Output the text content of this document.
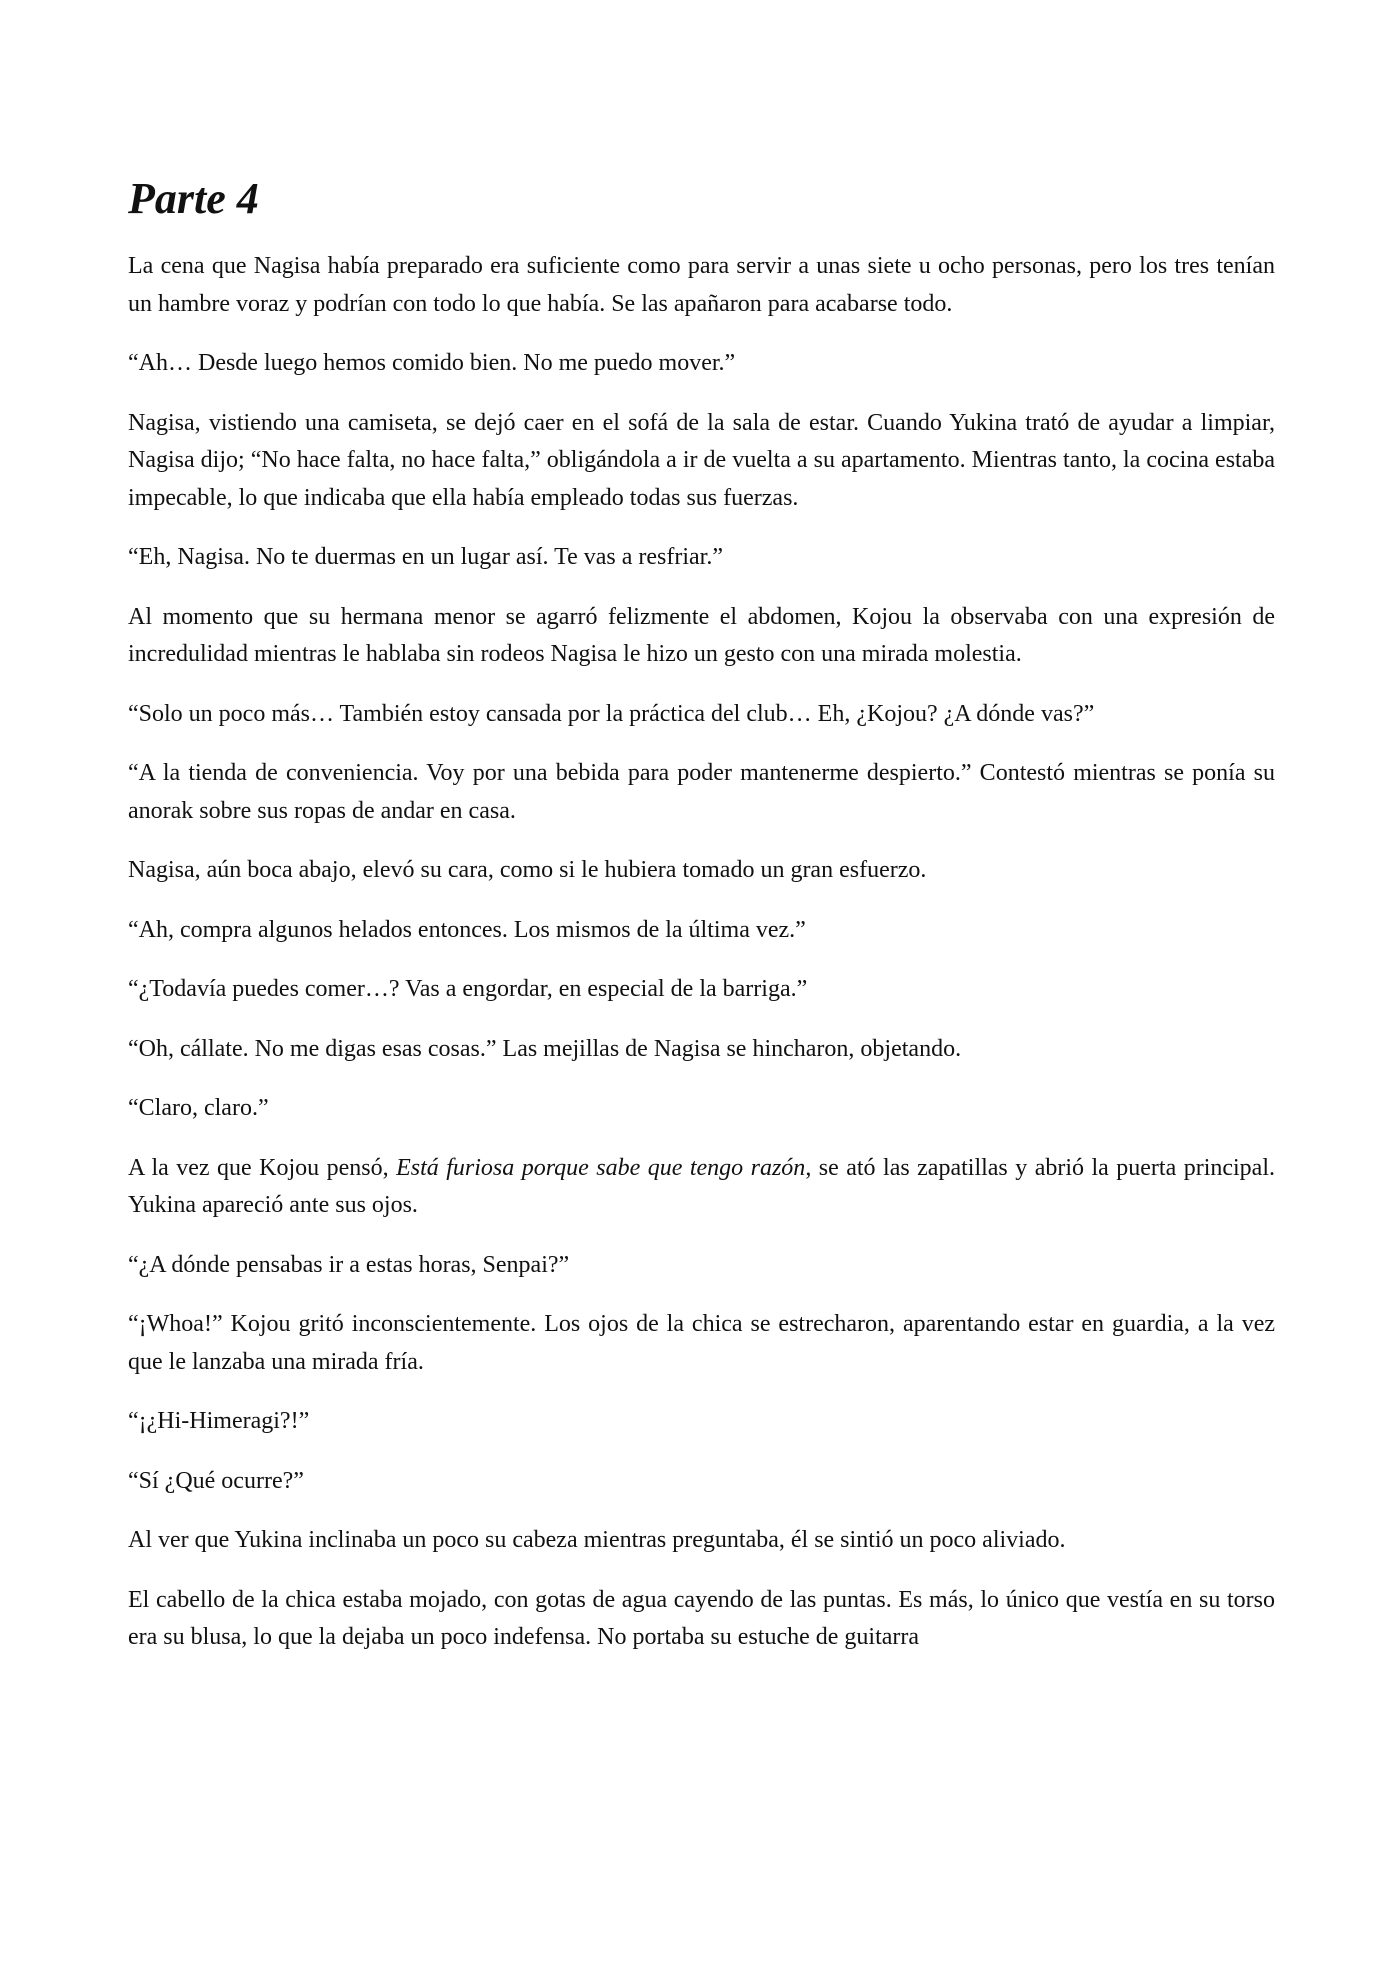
Parte 4

La cena que Nagisa había preparado era suficiente como para servir a unas siete u ocho personas, pero los tres tenían un hambre voraz y podrían con todo lo que había. Se las apañaron para acabarse todo.

“Ah… Desde luego hemos comido bien. No me puedo mover.”

Nagisa, vistiendo una camiseta, se dejó caer en el sofá de la sala de estar. Cuando Yukina trató de ayudar a limpiar, Nagisa dijo; “No hace falta, no hace falta,” obligándola a ir de vuelta a su apartamento. Mientras tanto, la cocina estaba impecable, lo que indicaba que ella había empleado todas sus fuerzas.

“Eh, Nagisa. No te duermas en un lugar así. Te vas a resfriar.”

Al momento que su hermana menor se agarró felizmente el abdomen, Kojou la observaba con una expresión de incredulidad mientras le hablaba sin rodeos Nagisa le hizo un gesto con una mirada molestia.

“Solo un poco más… También estoy cansada por la práctica del club… Eh, ¿Kojou? ¿A dónde vas?”

“A la tienda de conveniencia. Voy por una bebida para poder mantenerme despierto.” Contestó mientras se ponía su anorak sobre sus ropas de andar en casa.

Nagisa, aún boca abajo, elevó su cara, como si le hubiera tomado un gran esfuerzo.

“Ah, compra algunos helados entonces. Los mismos de la última vez.”

“¿Todavía puedes comer…? Vas a engordar, en especial de la barriga.”

“Oh, cállate. No me digas esas cosas.” Las mejillas de Nagisa se hincharon, objetando.

“Claro, claro.”

A la vez que Kojou pensó, Está furiosa porque sabe que tengo razón, se ató las zapatillas y abrió la puerta principal. Yukina apareció ante sus ojos.

“¿A dónde pensabas ir a estas horas, Senpai?”

“¡Whoa!” Kojou gritó inconscientemente. Los ojos de la chica se estrecharon, aparentando estar en guardia, a la vez que le lanzaba una mirada fría.

“¡¿Hi-Himeragi?!”

“Sí ¿Qué ocurre?”

Al ver que Yukina inclinaba un poco su cabeza mientras preguntaba, él se sintió un poco aliviado.

El cabello de la chica estaba mojado, con gotas de agua cayendo de las puntas. Es más, lo único que vestía en su torso era su blusa, lo que la dejaba un poco indefensa. No portaba su estuche de guitarra
